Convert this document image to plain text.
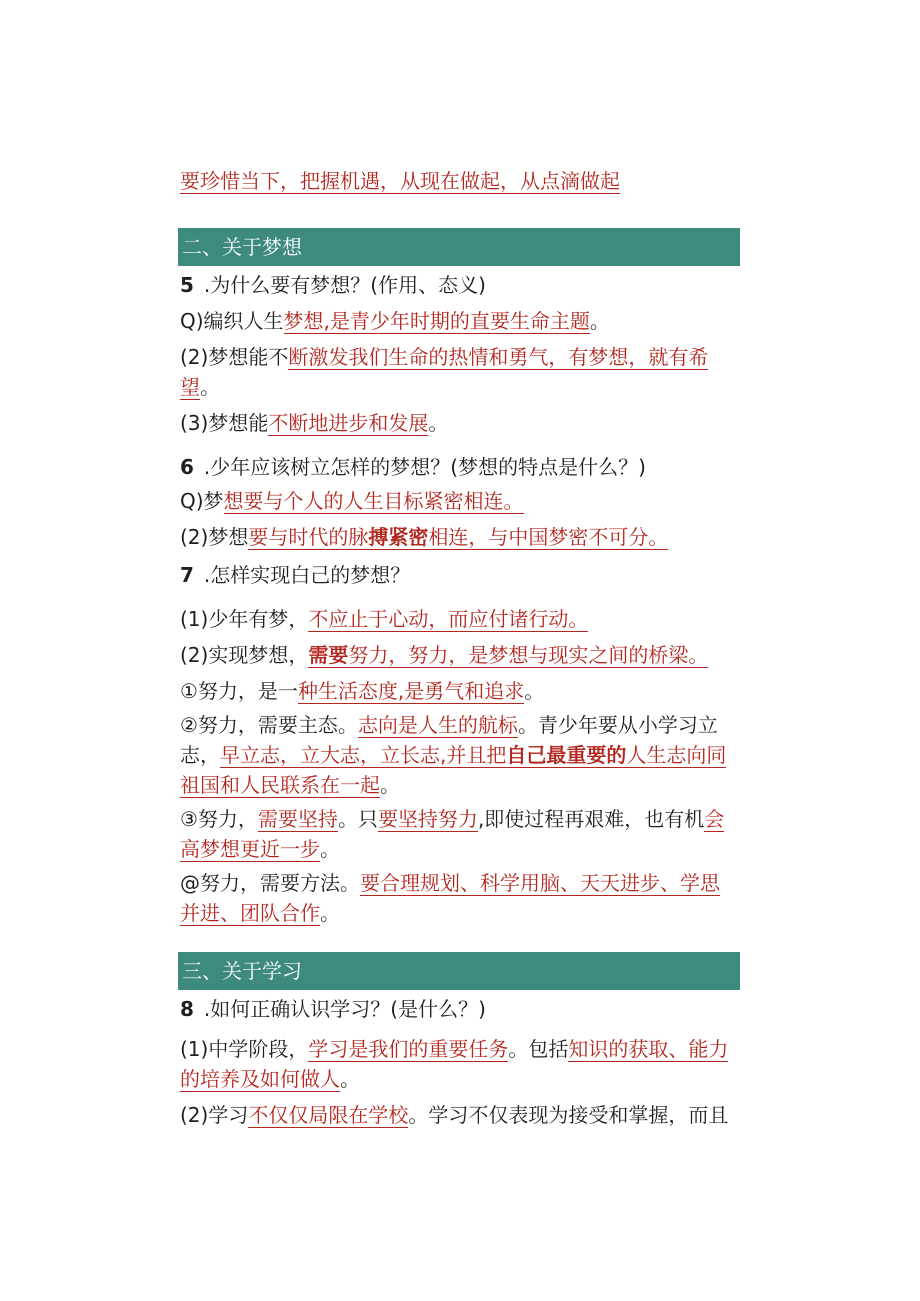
要珍惜当下，把握机遇，从现在做起，从点滴做起
二、关于梦想
5 .为什么要有梦想？(作用、态义)
Q)编织人生梦想,是青少年时期的直要生命主题。
(2)梦想能不断激发我们生命的热情和勇气，有梦想，就有希
望。
(3)梦想能不断地进步和发展。
6 .少年应该树立怎样的梦想？(梦想的特点是什么？)
Q)梦想要与个人的人生目标紧密相连。
(2)梦想要与时代的脉搏紧密相连，与中国梦密不可分。
7 .怎样实现白己的梦想？
(1)少年有梦，不应止于心动，而应付诸行动。
(2)实现梦想，需要努力，努力，是梦想与现实之间的桥梁。
①努力，是一种生活态度,是勇气和追求。
②努力，需要主态。志向是人生的航标。青少年要从小学习立
志，早立志，立大志，立长志,并且把自己最重要的人生志向同
祖国和人民联系在一起。
③努力，需要坚持。只要坚持努力,即使过程再艰难，也有机会
高梦想更近一步。
@努力，需要方法。要合理规划、科学用脑、天天进步、学思
并进、团队合作。
三、关于学习
8 .如何正确认识学习？(是什么？)
(1)中学阶段，学习是我们的重要任务。包括知识的获取、能力
的培养及如何做人。
(2)学习不仅仅局限在学校。学习不仅表现为接受和掌握，而且
